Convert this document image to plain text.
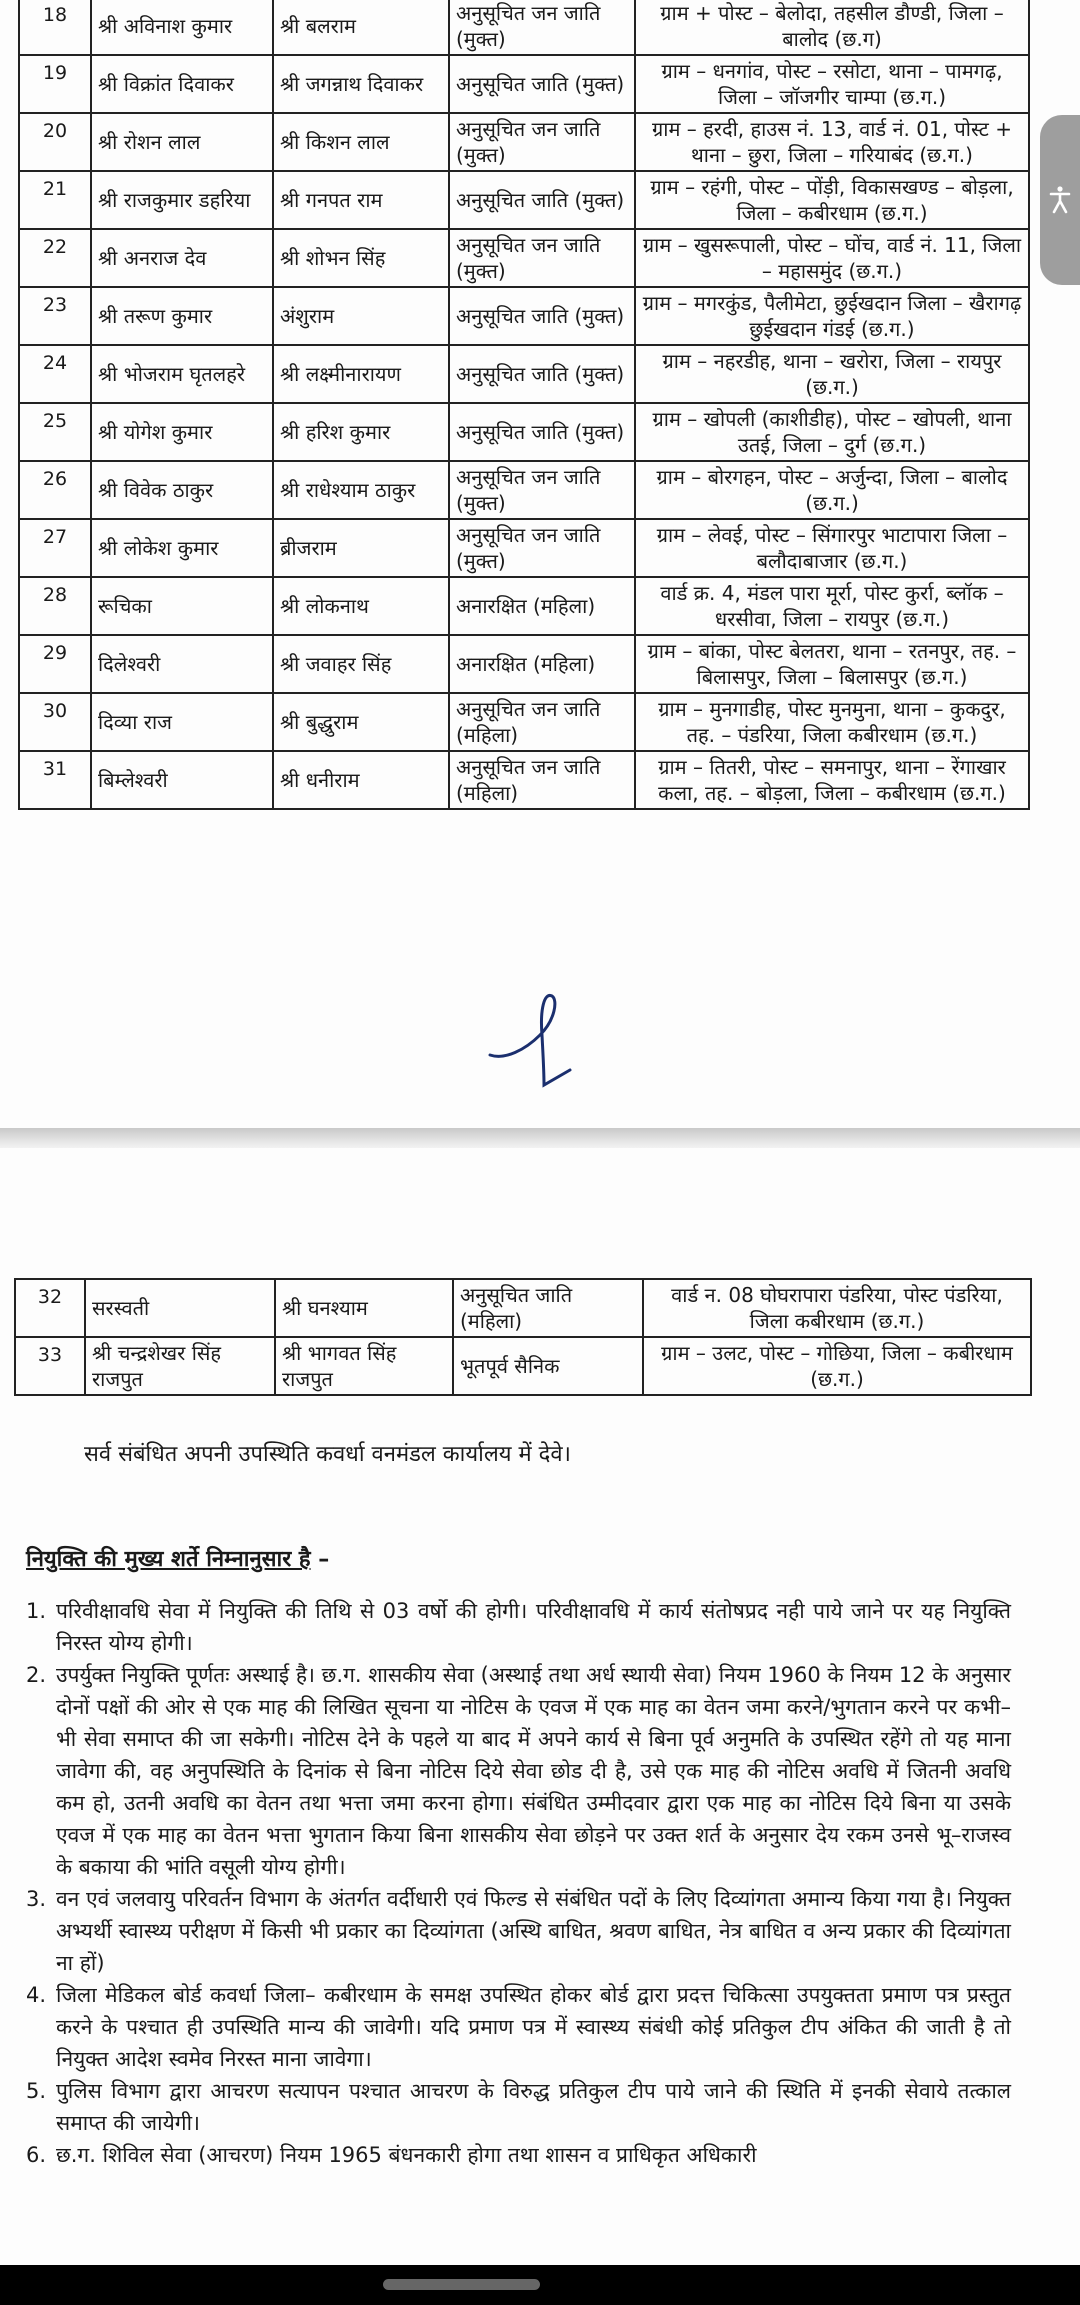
18	श्री अविनाश कुमार	श्री बलराम	अनुसूचित जन जाति (मुक्त)	ग्राम + पोस्ट – बेलोदा, तहसील डौण्डी, जिला – बालोद (छ.ग)
19	श्री विक्रांत दिवाकर	श्री जगन्नाथ दिवाकर	अनुसूचित जाति (मुक्त)	ग्राम – धनगांव, पोस्ट – रसोटा, थाना – पामगढ़, जिला – जॉजगीर चाम्पा (छ.ग.)
20	श्री रोशन लाल	श्री किशन लाल	अनुसूचित जन जाति (मुक्त)	ग्राम – हरदी, हाउस नं. 13, वार्ड नं. 01, पोस्ट + थाना – छुरा, जिला – गरियाबंद (छ.ग.)
21	श्री राजकुमार डहरिया	श्री गनपत राम	अनुसूचित जाति (मुक्त)	ग्राम – रहंगी, पोस्ट – पोंड़ी, विकासखण्ड – बोड़ला, जिला – कबीरधाम (छ.ग.)
22	श्री अनराज देव	श्री शोभन सिंह	अनुसूचित जन जाति (मुक्त)	ग्राम – खुसरूपाली, पोस्ट – घोंच, वार्ड नं. 11, जिला – महासमुंद (छ.ग.)
23	श्री तरूण कुमार	अंशुराम	अनुसूचित जाति (मुक्त)	ग्राम – मगरकुंड, पैलीमेटा, छुईखदान जिला – खैरागढ़ छुईखदान गंडई (छ.ग.)
24	श्री भोजराम घृतलहरे	श्री लक्ष्मीनारायण	अनुसूचित जाति (मुक्त)	ग्राम – नहरडीह, थाना – खरोरा, जिला – रायपुर (छ.ग.)
25	श्री योगेश कुमार	श्री हरिश कुमार	अनुसूचित जाति (मुक्त)	ग्राम – खोपली (काशीडीह), पोस्ट – खोपली, थाना उतई, जिला – दुर्ग (छ.ग.)
26	श्री विवेक ठाकुर	श्री राधेश्याम ठाकुर	अनुसूचित जन जाति (मुक्त)	ग्राम – बोरगहन, पोस्ट – अर्जुन्दा, जिला – बालोद (छ.ग.)
27	श्री लोकेश कुमार	ब्रीजराम	अनुसूचित जन जाति (मुक्त)	ग्राम – लेवई, पोस्ट – सिंगारपुर भाटापारा जिला – बलौदाबाजार (छ.ग.)
28	रूचिका	श्री लोकनाथ	अनारक्षित (महिला)	वार्ड क्र. 4, मंडल पारा मूर्रा, पोस्ट कुर्रा, ब्लॉक – धरसीवा, जिला – रायपुर (छ.ग.)
29	दिलेश्वरी	श्री जवाहर सिंह	अनारक्षित (महिला)	ग्राम – बांका, पोस्ट बेलतरा, थाना – रतनपुर, तह. – बिलासपुर, जिला – बिलासपुर (छ.ग.)
30	दिव्या राज	श्री बुद्धुराम	अनुसूचित जन जाति (महिला)	ग्राम – मुनगाडीह, पोस्ट मुनमुना, थाना – कुकदुर, तह. – पंडरिया, जिला कबीरधाम (छ.ग.)
31	बिम्लेश्वरी	श्री धनीराम	अनुसूचित जन जाति (महिला)	ग्राम – तितरी, पोस्ट – समनापुर, थाना – रेंगाखार कला, तह. – बोड़ला, जिला – कबीरधाम (छ.ग.)
32	सरस्वती	श्री घनश्याम	अनुसूचित जाति (महिला)	वार्ड न. 08 घोघरापारा पंडरिया, पोस्ट पंडरिया, जिला कबीरधाम (छ.ग.)
33	श्री चन्द्रशेखर सिंह राजपुत	श्री भागवत सिंह राजपुत	भूतपूर्व सैनिक	ग्राम – उलट, पोस्ट – गोछिया, जिला – कबीरधाम (छ.ग.)
सर्व संबंधित अपनी उपस्थिति कवर्धा वनमंडल कार्यालय में देवे।
नियुक्ति की मुख्य शर्ते निम्नानुसार है –
1. परिवीक्षावधि सेवा में नियुक्ति की तिथि से 03 वर्षो की होगी। परिवीक्षावधि में कार्य संतोषप्रद नही पाये जाने पर यह नियुक्ति निरस्त योग्य होगी।
2. उपर्युक्त नियुक्ति पूर्णतः अस्थाई है। छ.ग. शासकीय सेवा (अस्थाई तथा अर्ध स्थायी सेवा) नियम 1960 के नियम 12 के अनुसार दोनों पक्षों की ओर से एक माह की लिखित सूचना या नोटिस के एवज में एक माह का वेतन जमा करने/भुगतान करने पर कभी–भी सेवा समाप्त की जा सकेगी। नोटिस देने के पहले या बाद में अपने कार्य से बिना पूर्व अनुमति के उपस्थित रहेंगे तो यह माना जावेगा की, वह अनुपस्थिति के दिनांक से बिना नोटिस दिये सेवा छोड दी है, उसे एक माह की नोटिस अवधि में जितनी अवधि कम हो, उतनी अवधि का वेतन तथा भत्ता जमा करना होगा। संबंधित उम्मीदवार द्वारा एक माह का नोटिस दिये बिना या उसके एवज में एक माह का वेतन भत्ता भुगतान किया बिना शासकीय सेवा छोड़ने पर उक्त शर्त के अनुसार देय रकम उनसे भू–राजस्व के बकाया की भांति वसूली योग्य होगी।
3. वन एवं जलवायु परिवर्तन विभाग के अंतर्गत वर्दीधारी एवं फिल्ड से संबंधित पदों के लिए दिव्यांगता अमान्य किया गया है। नियुक्त अभ्यर्थी स्वास्थ्य परीक्षण में किसी भी प्रकार का दिव्यांगता (अस्थि बाधित, श्रवण बाधित, नेत्र बाधित व अन्य प्रकार की दिव्यांगता ना हों)
4. जिला मेडिकल बोर्ड कवर्धा जिला– कबीरधाम के समक्ष उपस्थित होकर बोर्ड द्वारा प्रदत्त चिकित्सा उपयुक्तता प्रमाण पत्र प्रस्तुत करने के पश्चात ही उपस्थिति मान्य की जावेगी। यदि प्रमाण पत्र में स्वास्थ्य संबंधी कोई प्रतिकुल टीप अंकित की जाती है तो नियुक्त आदेश स्वमेव निरस्त माना जावेगा।
5. पुलिस विभाग द्वारा आचरण सत्यापन पश्चात आचरण के विरुद्ध प्रतिकुल टीप पाये जाने की स्थिति में इनकी सेवाये तत्काल समाप्त की जायेगी।
6. छ.ग. शिविल सेवा (आचरण) नियम 1965 बंधनकारी होगा तथा शासन व प्राधिकृत अधिकारी
